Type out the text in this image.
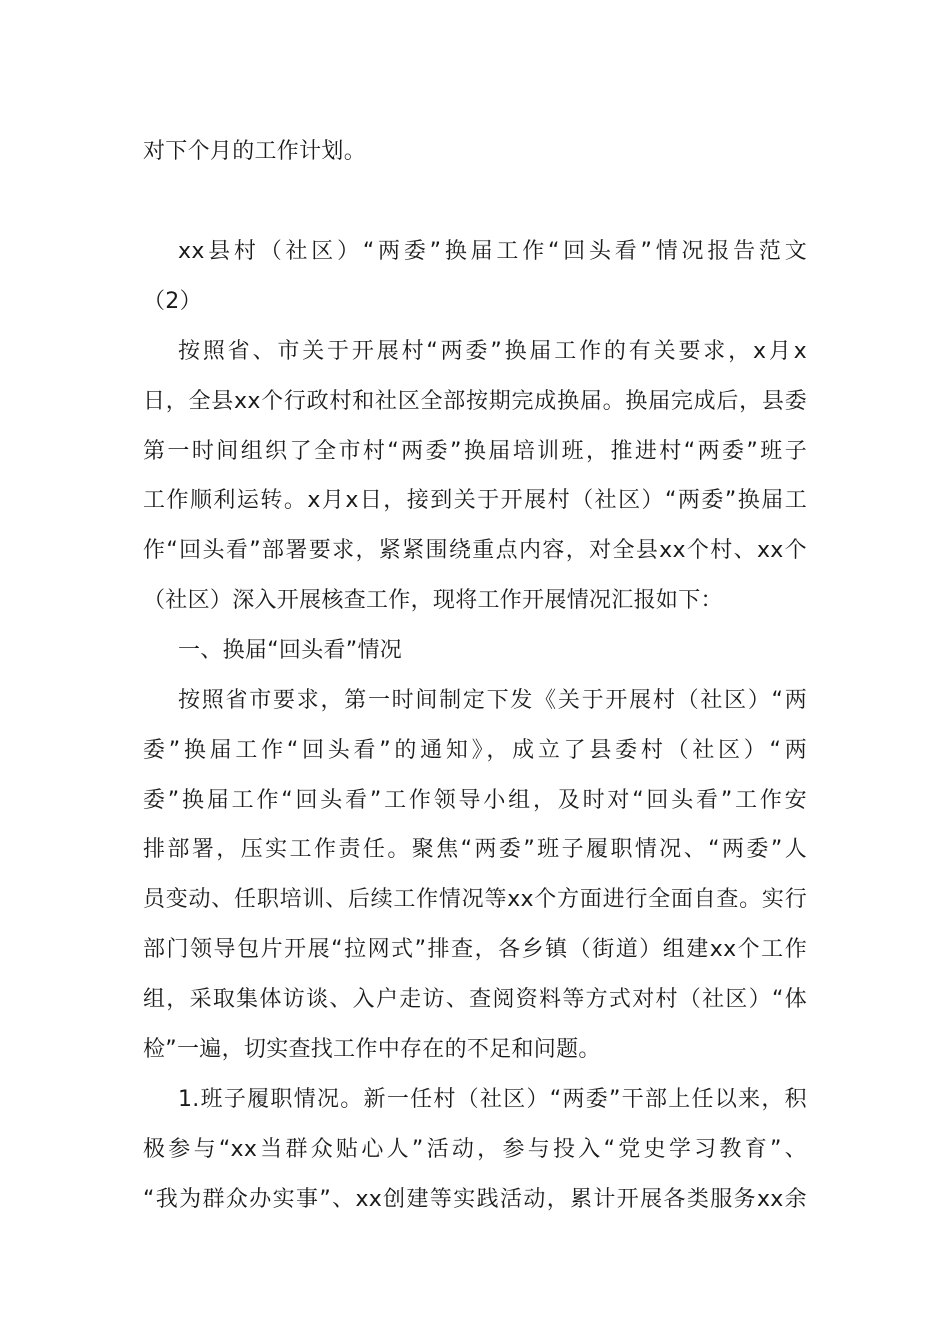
对下个月的工作计划。
xx县村（社区）“两委”换届工作“回头看”情况报告范文
（2）
按照省、市关于开展村“两委”换届工作的有关要求，x月x
日，全县xx个行政村和社区全部按期完成换届。换届完成后，县委
第一时间组织了全市村“两委”换届培训班，推进村“两委”班子
工作顺利运转。x月x日，接到关于开展村（社区）“两委”换届工
作“回头看”部署要求，紧紧围绕重点内容，对全县xx个村、xx个
（社区）深入开展核查工作，现将工作开展情况汇报如下：
一、换届“回头看”情况
按照省市要求，第一时间制定下发《关于开展村（社区）“两
委”换届工作“回头看”的通知》，成立了县委村（社区）“两
委”换届工作“回头看”工作领导小组，及时对“回头看”工作安
排部署，压实工作责任。聚焦“两委”班子履职情况、“两委”人
员变动、任职培训、后续工作情况等xx个方面进行全面自查。实行
部门领导包片开展“拉网式”排查，各乡镇（街道）组建xx个工作
组，采取集体访谈、入户走访、查阅资料等方式对村（社区）“体
检”一遍，切实查找工作中存在的不足和问题。
1.班子履职情况。新一任村（社区）“两委”干部上任以来，积
极参与“xx当群众贴心人”活动，参与投入“党史学习教育”、
“我为群众办实事”、xx创建等实践活动，累计开展各类服务xx余
